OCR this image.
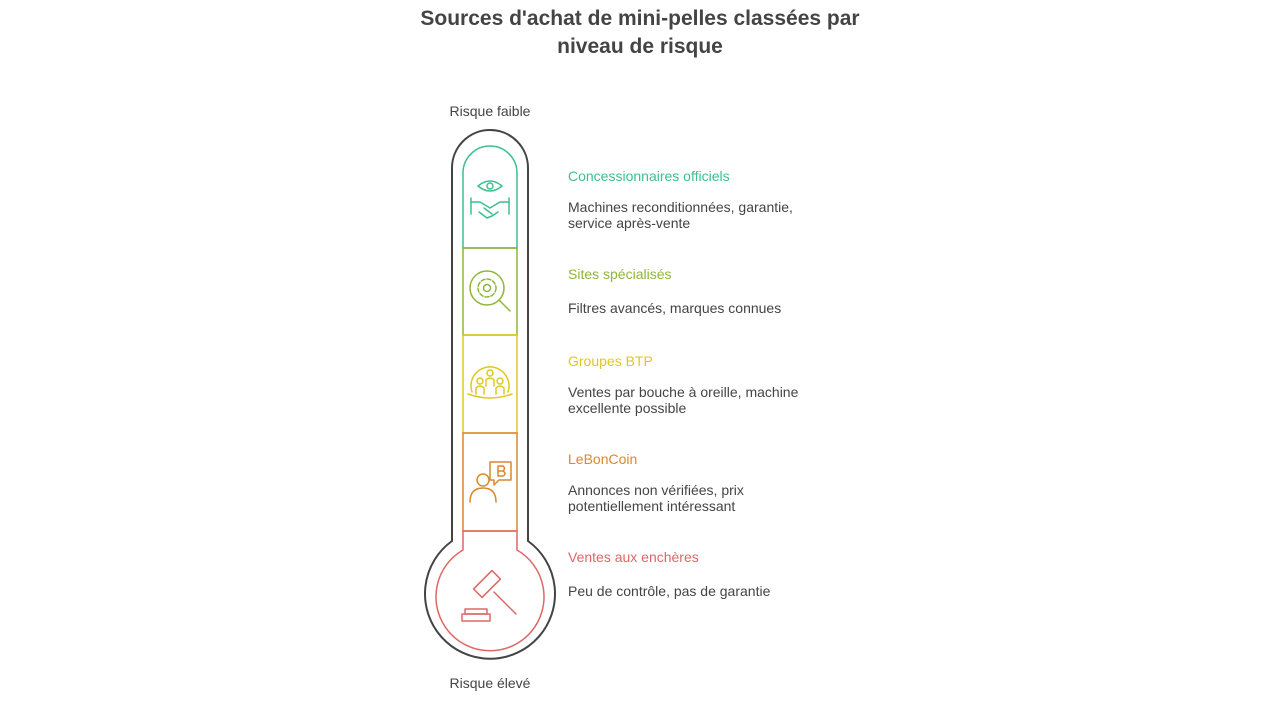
Sources d'achat de mini-pelles classées par
niveau de risque
Risque faible
Risque élevé
Concessionnaires officiels
Machines reconditionnées, garantie, service après-vente
Sites spécialisés
Filtres avancés, marques connues
Groupes BTP
Ventes par bouche à oreille, machine excellente possible
LeBonCoin
Annonces non vérifiées, prix potentiellement intéressant
Ventes aux enchères
Peu de contrôle, pas de garantie
